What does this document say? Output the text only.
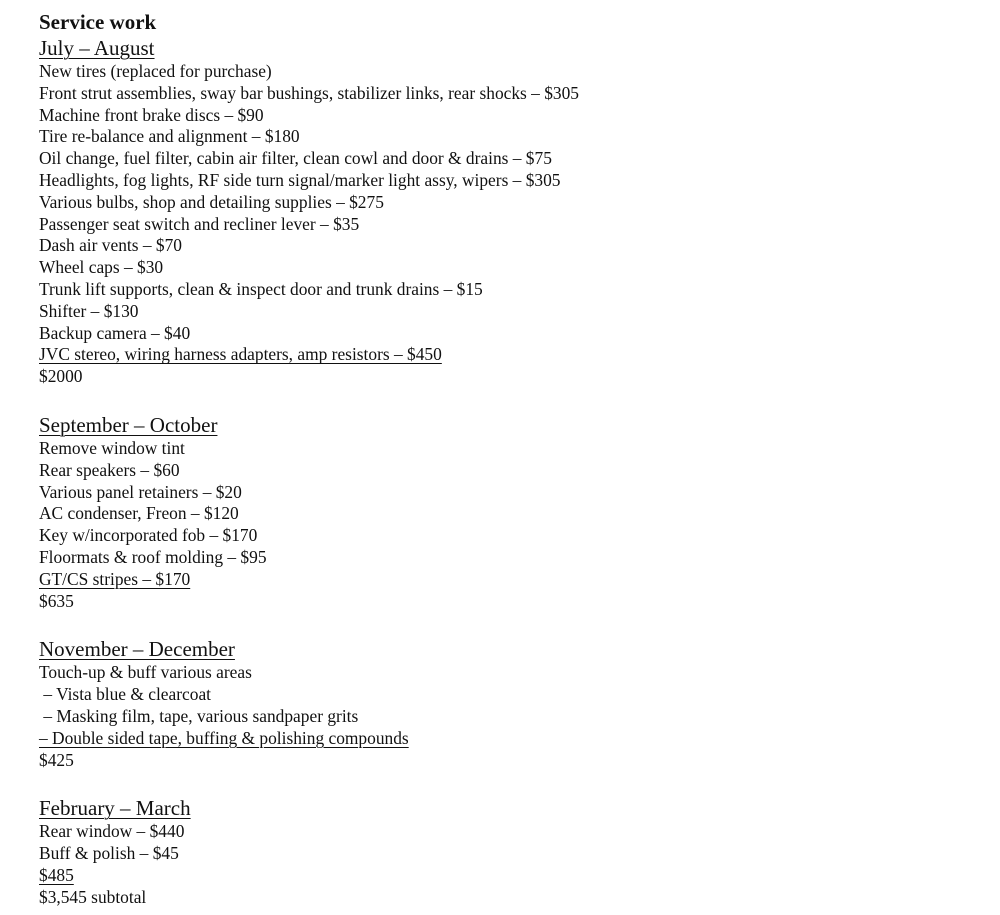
Service work
July – August
New tires (replaced for purchase)
Front strut assemblies, sway bar bushings, stabilizer links, rear shocks – $305
Machine front brake discs – $90
Tire re-balance and alignment – $180
Oil change, fuel filter, cabin air filter, clean cowl and door & drains – $75
Headlights, fog lights, RF side turn signal/marker light assy, wipers – $305
Various bulbs, shop and detailing supplies – $275
Passenger seat switch and recliner lever – $35
Dash air vents – $70
Wheel caps – $30
Trunk lift supports, clean & inspect door and trunk drains – $15
Shifter – $130
Backup camera – $40
JVC stereo, wiring harness adapters, amp resistors – $450
$2000
September – October
Remove window tint
Rear speakers – $60
Various panel retainers – $20
AC condenser, Freon – $120
Key w/incorporated fob – $170
Floormats & roof molding – $95
GT/CS stripes – $170
$635
November – December
Touch-up & buff various areas
– Vista blue & clearcoat
– Masking film, tape, various sandpaper grits
– Double sided tape, buffing & polishing compounds
$425
February – March
Rear window – $440
Buff & polish – $45
$485
$3,545 subtotal
